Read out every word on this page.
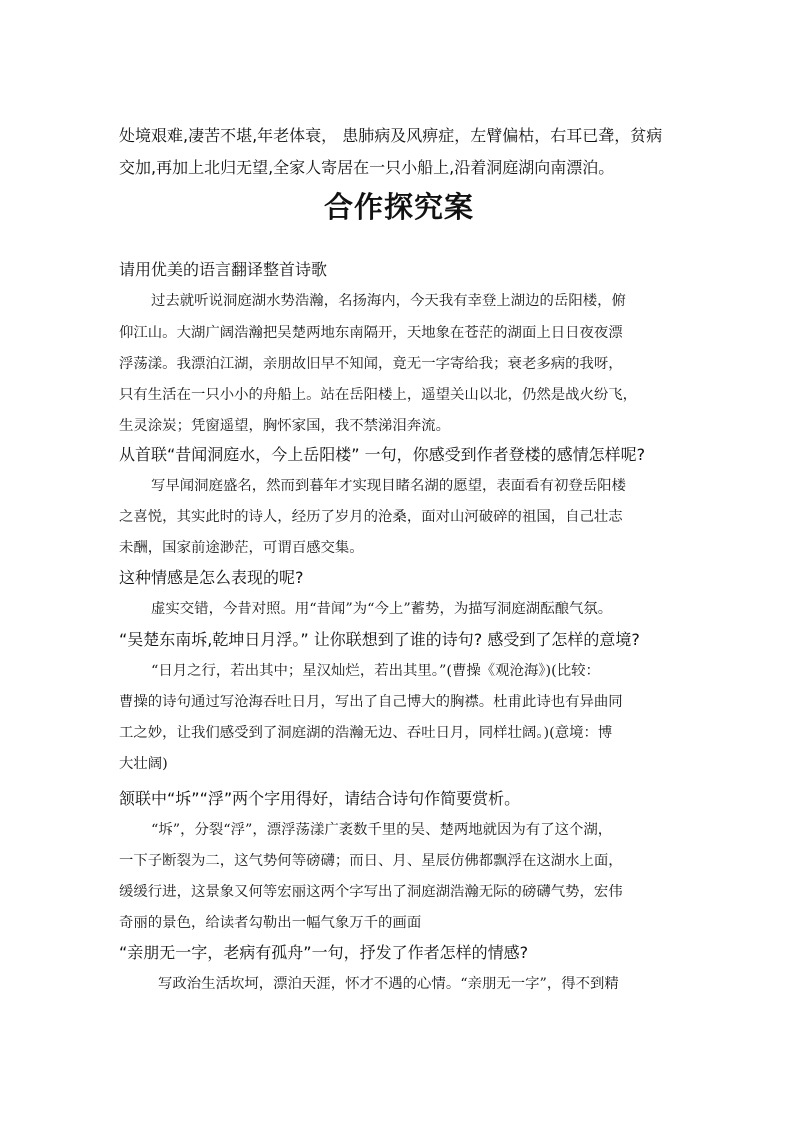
处境艰难,凄苦不堪,年老体衰， 患肺病及风痹症，左臂偏枯，右耳已聋，贫病
交加,再加上北归无望,全家人寄居在一只小船上,沿着洞庭湖向南漂泊。
合作探究案
请用优美的语言翻译整首诗歌
过去就听说洞庭湖水势浩瀚，名扬海内，今天我有幸登上湖边的岳阳楼，俯
仰江山。大湖广阔浩瀚把吴楚两地东南隔开，天地象在苍茫的湖面上日日夜夜漂
浮荡漾。我漂泊江湖，亲朋故旧早不知闻，竟无一字寄给我；衰老多病的我呀，
只有生活在一只小小的舟船上。站在岳阳楼上，遥望关山以北，仍然是战火纷飞，
生灵涂炭；凭窗遥望，胸怀家国，我不禁涕泪奔流。
从首联“昔闻洞庭水，今上岳阳楼” 一句，你感受到作者登楼的感情怎样呢?
写早闻洞庭盛名，然而到暮年才实现目睹名湖的愿望，表面看有初登岳阳楼
之喜悦，其实此时的诗人，经历了岁月的沧桑，面对山河破碎的祖国，自己壮志
未酬，国家前途渺茫，可谓百感交集。
这种情感是怎么表现的呢?
虚实交错，今昔对照。用“昔闻”为“今上”蓄势，为描写洞庭湖酝酿气氛。
“吴楚东南坼,乾坤日月浮。” 让你联想到了谁的诗句? 感受到了怎样的意境?
“日月之行，若出其中；星汉灿烂，若出其里。”(曹操《观沧海》)(比较：
曹操的诗句通过写沧海吞吐日月，写出了自己博大的胸襟。杜甫此诗也有异曲同
工之妙，让我们感受到了洞庭湖的浩瀚无边、吞吐日月，同样壮阔。)(意境：博
大壮阔)
颔联中“坼”“浮”两个字用得好，请结合诗句作简要赏析。
“坼”，分裂“浮”，漂浮荡漾广袤数千里的吴、楚两地就因为有了这个湖，
一下子断裂为二，这气势何等磅礴；而日、月、星辰仿佛都飘浮在这湖水上面，
缓缓行进，这景象又何等宏丽这两个字写出了洞庭湖浩瀚无际的磅礴气势，宏伟
奇丽的景色，给读者勾勒出一幅气象万千的画面
“亲朋无一字，老病有孤舟”一句，抒发了作者怎样的情感?
写政治生活坎坷，漂泊天涯，怀才不遇的心情。“亲朋无一字”，得不到精
